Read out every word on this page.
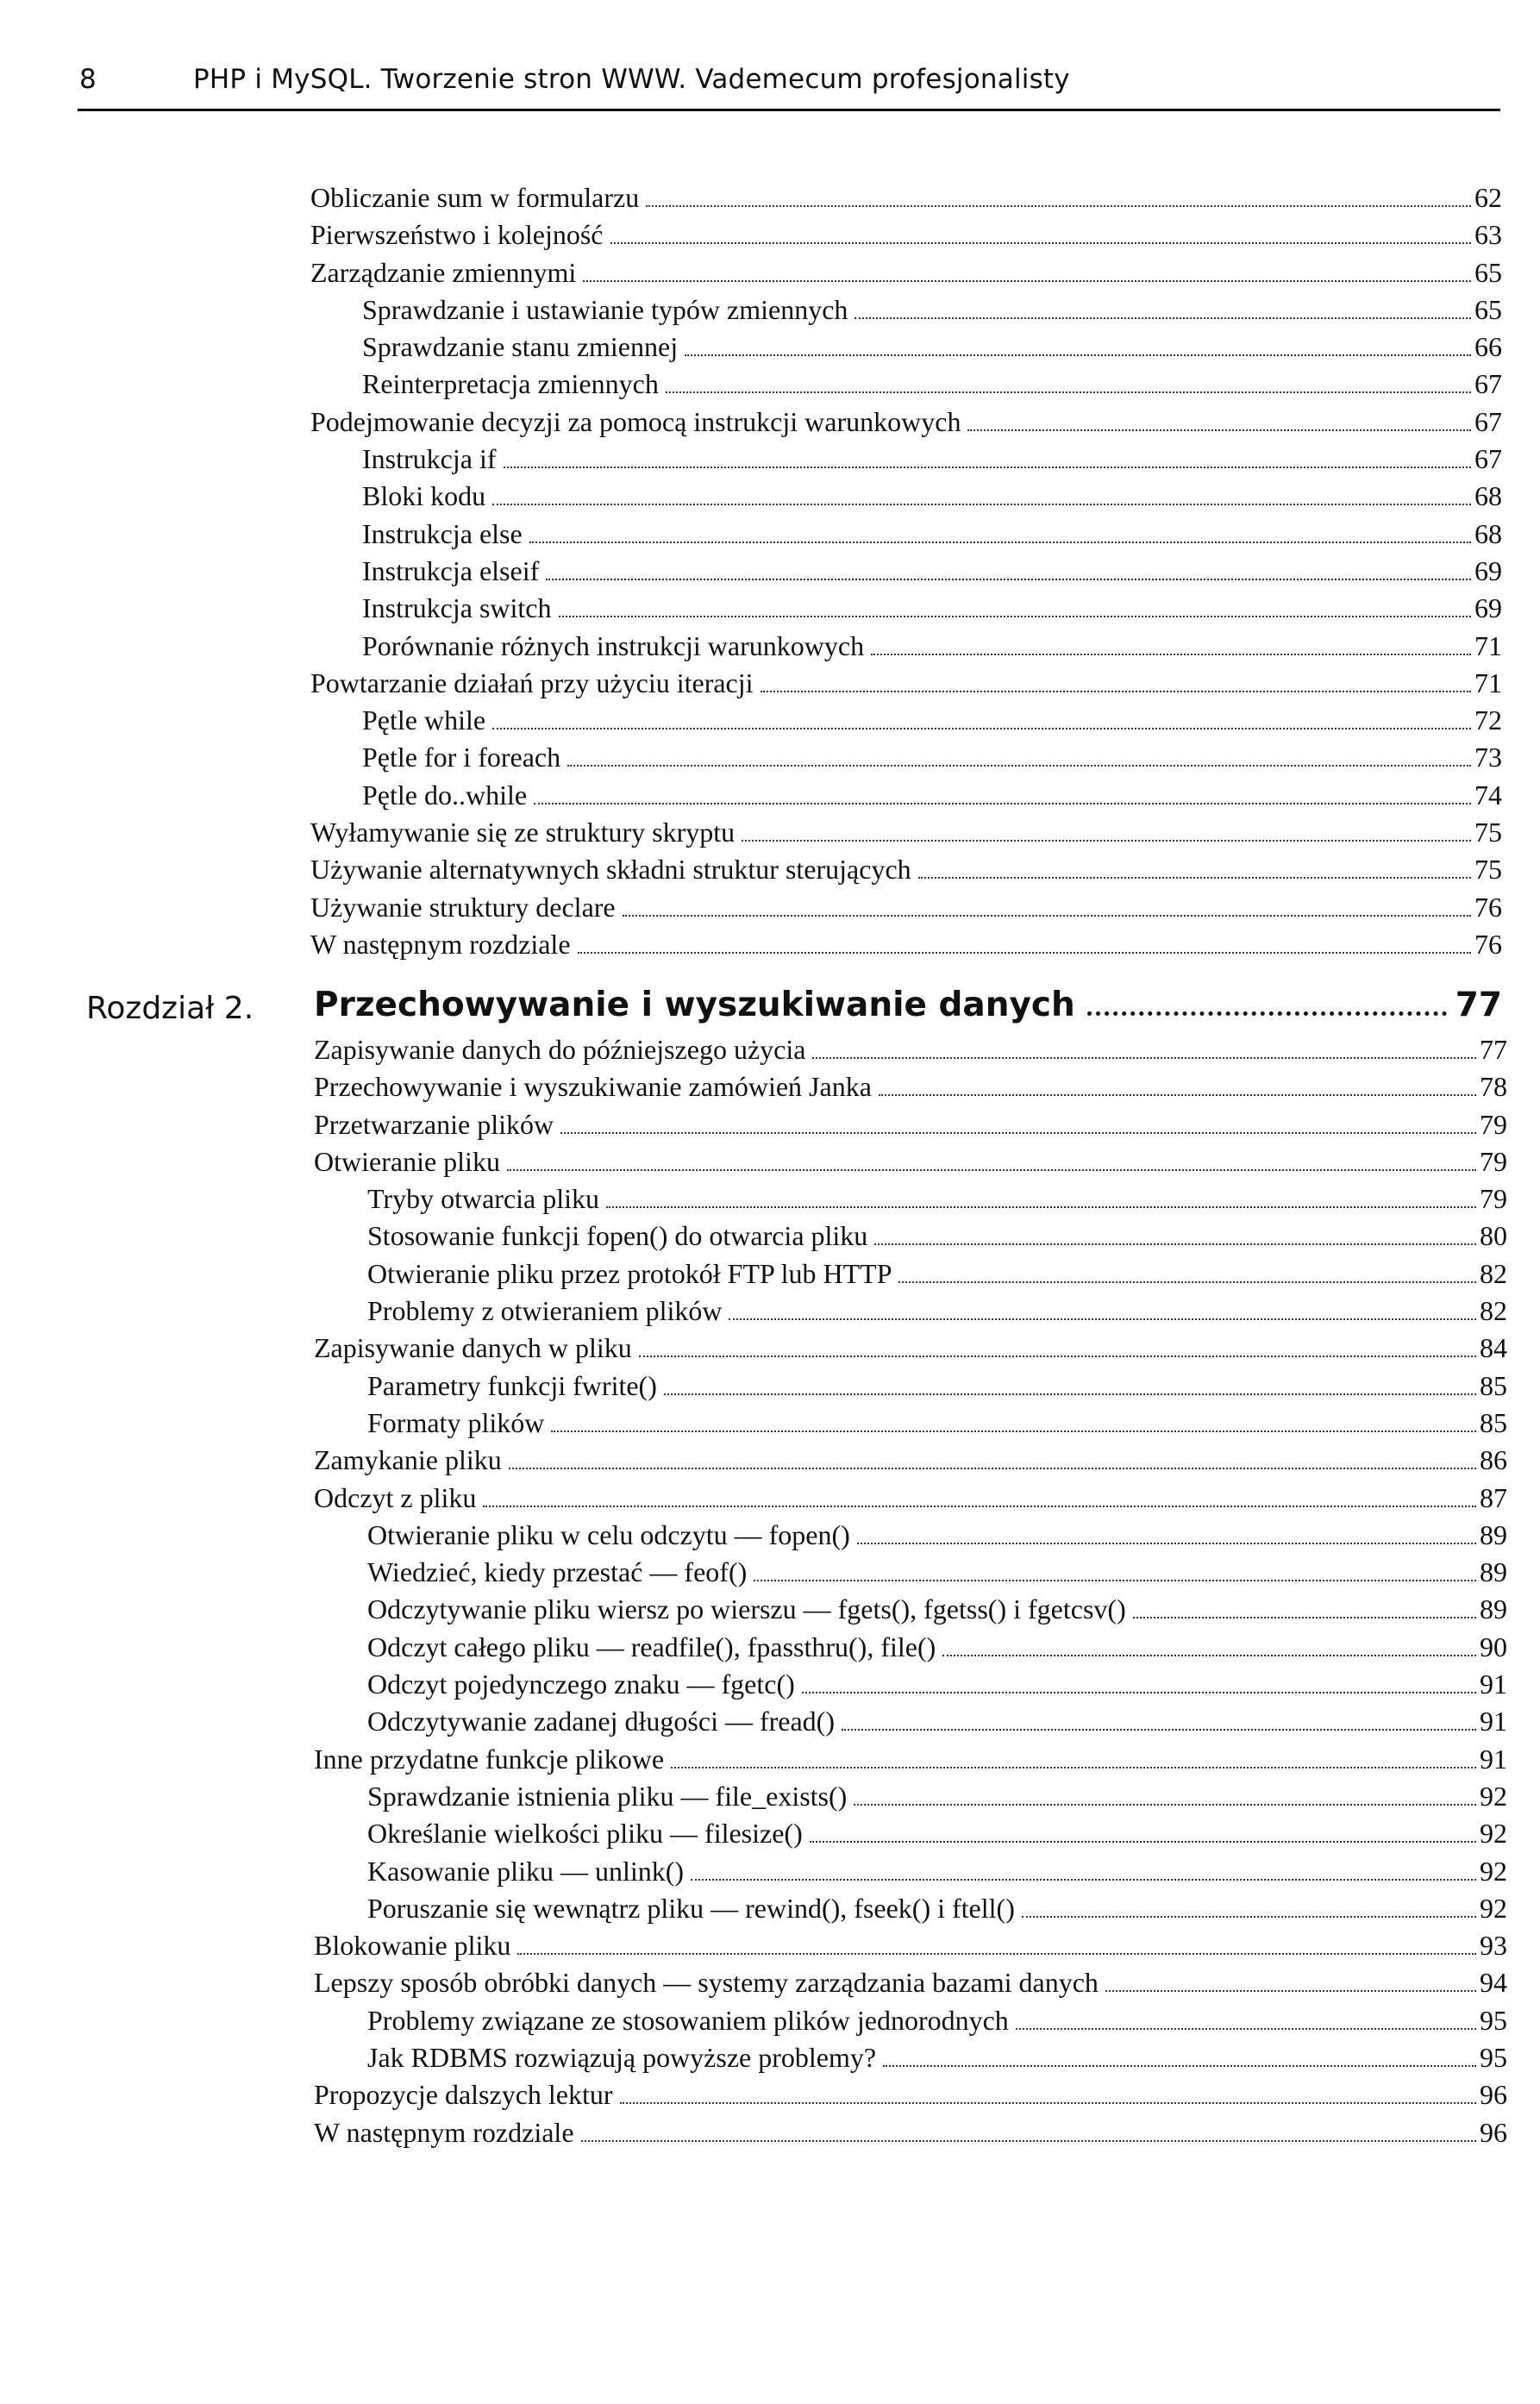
8	PHP i MySQL. Tworzenie stron WWW. Vademecum profesjonalisty
Obliczanie sum w formularzu	62
Pierwszeństwo i kolejność	63
Zarządzanie zmiennymi	65
Sprawdzanie i ustawianie typów zmiennych	65
Sprawdzanie stanu zmiennej	66
Reinterpretacja zmiennych	67
Podejmowanie decyzji za pomocą instrukcji warunkowych	67
Instrukcja if	67
Bloki kodu	68
Instrukcja else	68
Instrukcja elseif	69
Instrukcja switch	69
Porównanie różnych instrukcji warunkowych	71
Powtarzanie działań przy użyciu iteracji	71
Pętle while	72
Pętle for i foreach	73
Pętle do..while	74
Wyłamywanie się ze struktury skryptu	75
Używanie alternatywnych składni struktur sterujących	75
Używanie struktury declare	76
W następnym rozdziale	76
Rozdział 2. Przechowywanie i wyszukiwanie danych	77
Zapisywanie danych do późniejszego użycia	77
Przechowywanie i wyszukiwanie zamówień Janka	78
Przetwarzanie plików	79
Otwieranie pliku	79
Tryby otwarcia pliku	79
Stosowanie funkcji fopen() do otwarcia pliku	80
Otwieranie pliku przez protokół FTP lub HTTP	82
Problemy z otwieraniem plików	82
Zapisywanie danych w pliku	84
Parametry funkcji fwrite()	85
Formaty plików	85
Zamykanie pliku	86
Odczyt z pliku	87
Otwieranie pliku w celu odczytu — fopen()	89
Wiedzieć, kiedy przestać — feof()	89
Odczytywanie pliku wiersz po wierszu — fgets(), fgetss() i fgetcsv()	89
Odczyt całego pliku — readfile(), fpassthru(), file()	90
Odczyt pojedynczego znaku — fgetc()	91
Odczytywanie zadanej długości — fread()	91
Inne przydatne funkcje plikowe	91
Sprawdzanie istnienia pliku — file_exists()	92
Określanie wielkości pliku — filesize()	92
Kasowanie pliku — unlink()	92
Poruszanie się wewnątrz pliku — rewind(), fseek() i ftell()	92
Blokowanie pliku	93
Lepszy sposób obróbki danych — systemy zarządzania bazami danych	94
Problemy związane ze stosowaniem plików jednorodnych	95
Jak RDBMS rozwiązują powyższe problemy?	95
Propozycje dalszych lektur	96
W następnym rozdziale	96
